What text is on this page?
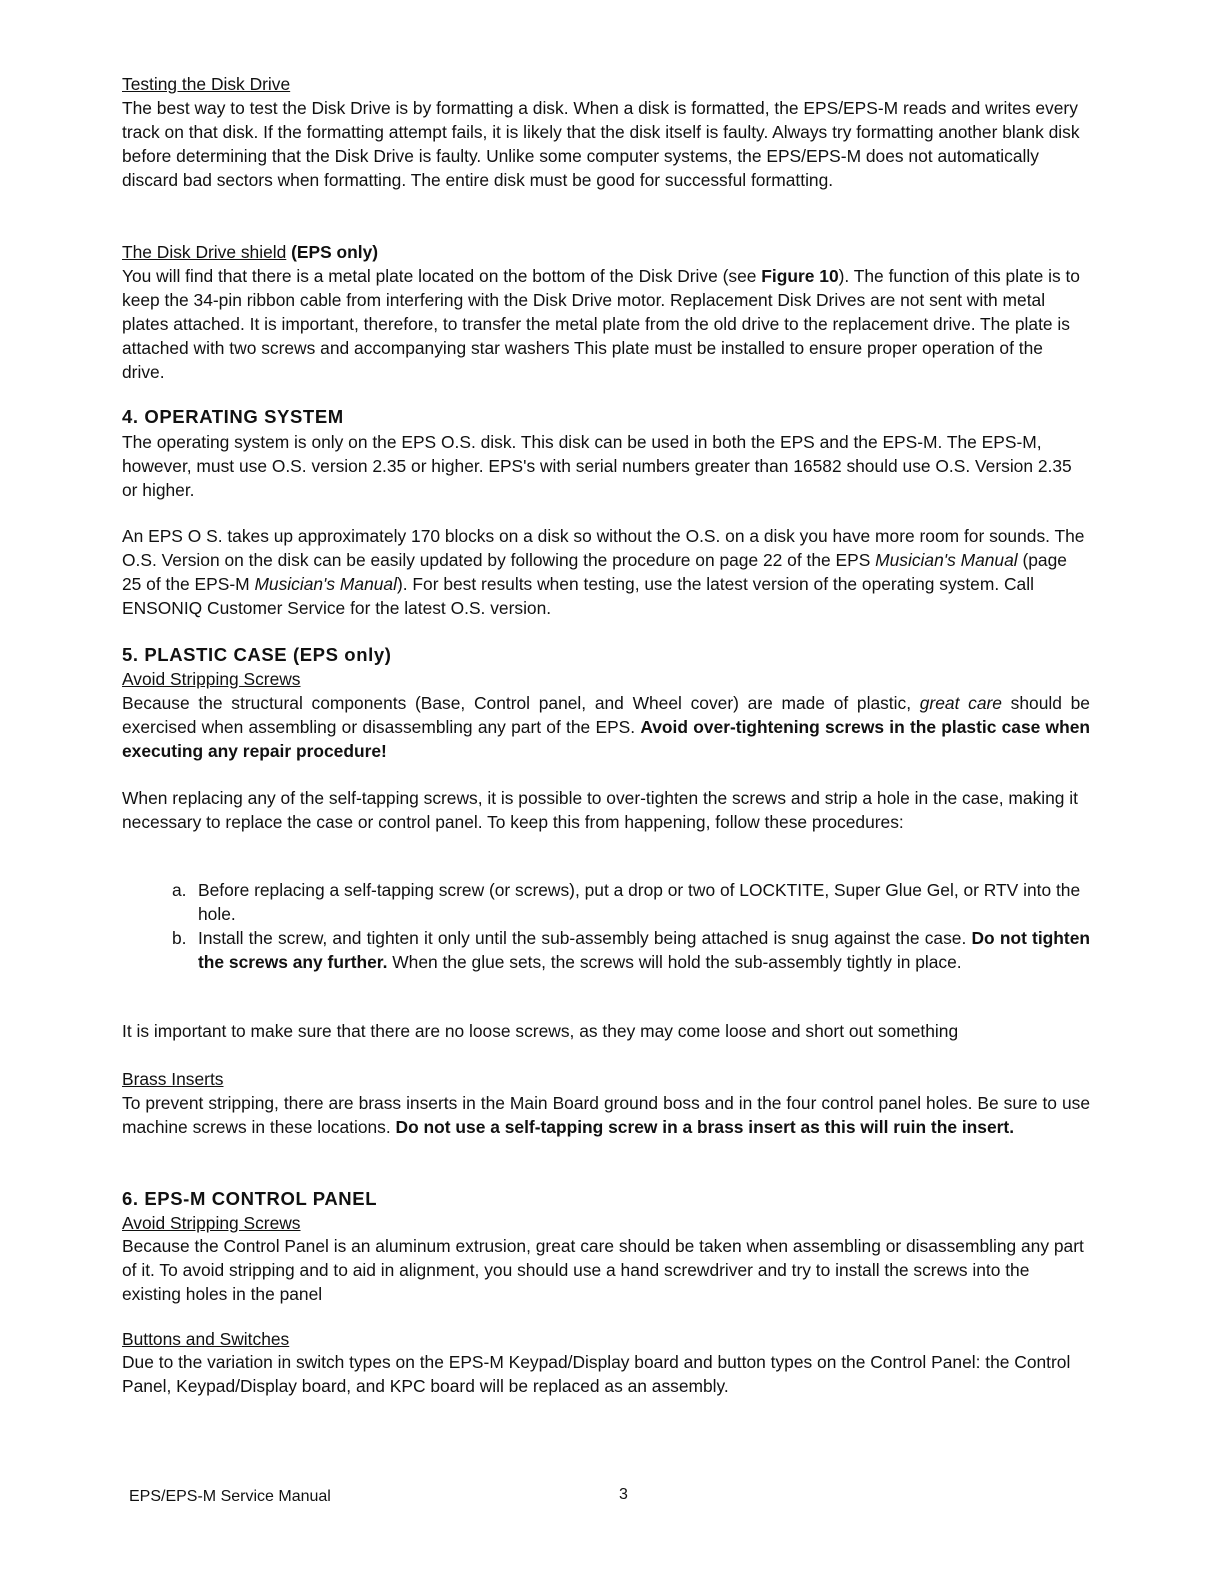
Testing the Disk Drive

The best way to test the Disk Drive is by formatting a disk. When a disk is formatted, the EPS/EPS-M reads and writes every track on that disk. If the formatting attempt fails, it is likely that the disk itself is faulty. Always try formatting another blank disk before determining that the Disk Drive is faulty. Unlike some computer systems, the EPS/EPS-M does not automatically discard bad sectors when formatting. The entire disk must be good for successful formatting.

The Disk Drive shield (EPS only)

You will find that there is a metal plate located on the bottom of the Disk Drive (see Figure 10). The function of this plate is to keep the 34-pin ribbon cable from interfering with the Disk Drive motor. Replacement Disk Drives are not sent with metal plates attached. It is important, therefore, to transfer the metal plate from the old drive to the replacement drive. The plate is attached with two screws and accompanying star washers This plate must be installed to ensure proper operation of the drive.

4. OPERATING SYSTEM

The operating system is only on the EPS O.S. disk. This disk can be used in both the EPS and the EPS-M. The EPS-M, however, must use O.S. version 2.35 or higher. EPS's with serial numbers greater than 16582 should use O.S. Version 2.35 or higher.

An EPS O S. takes up approximately 170 blocks on a disk so without the O.S. on a disk you have more room for sounds. The O.S. Version on the disk can be easily updated by following the procedure on page 22 of the EPS Musician's Manual (page 25 of the EPS-M Musician's Manual). For best results when testing, use the latest version of the operating system. Call ENSONIQ Customer Service for the latest O.S. version.

5. PLASTIC CASE (EPS only)
Avoid Stripping Screws

Because the structural components (Base, Control panel, and Wheel cover) are made of plastic, great care should be exercised when assembling or disassembling any part of the EPS. Avoid over-tightening screws in the plastic case when executing any repair procedure!

When replacing any of the self-tapping screws, it is possible to over-tighten the screws and strip a hole in the case, making it necessary to replace the case or control panel. To keep this from happening, follow these procedures:

a. Before replacing a self-tapping screw (or screws), put a drop or two of LOCKTITE, Super Glue Gel, or RTV into the hole.
b. Install the screw, and tighten it only until the sub-assembly being attached is snug against the case. Do not tighten the screws any further. When the glue sets, the screws will hold the sub-assembly tightly in place.

It is important to make sure that there are no loose screws, as they may come loose and short out something

Brass Inserts

To prevent stripping, there are brass inserts in the Main Board ground boss and in the four control panel holes. Be sure to use machine screws in these locations. Do not use a self-tapping screw in a brass insert as this will ruin the insert.

6. EPS-M CONTROL PANEL
Avoid Stripping Screws

Because the Control Panel is an aluminum extrusion, great care should be taken when assembling or disassembling any part of it. To avoid stripping and to aid in alignment, you should use a hand screwdriver and try to install the screws into the existing holes in the panel

Buttons and Switches

Due to the variation in switch types on the EPS-M Keypad/Display board and button types on the Control Panel: the Control Panel, Keypad/Display board, and KPC board will be replaced as an assembly.

EPS/EPS-M Service Manual	3
